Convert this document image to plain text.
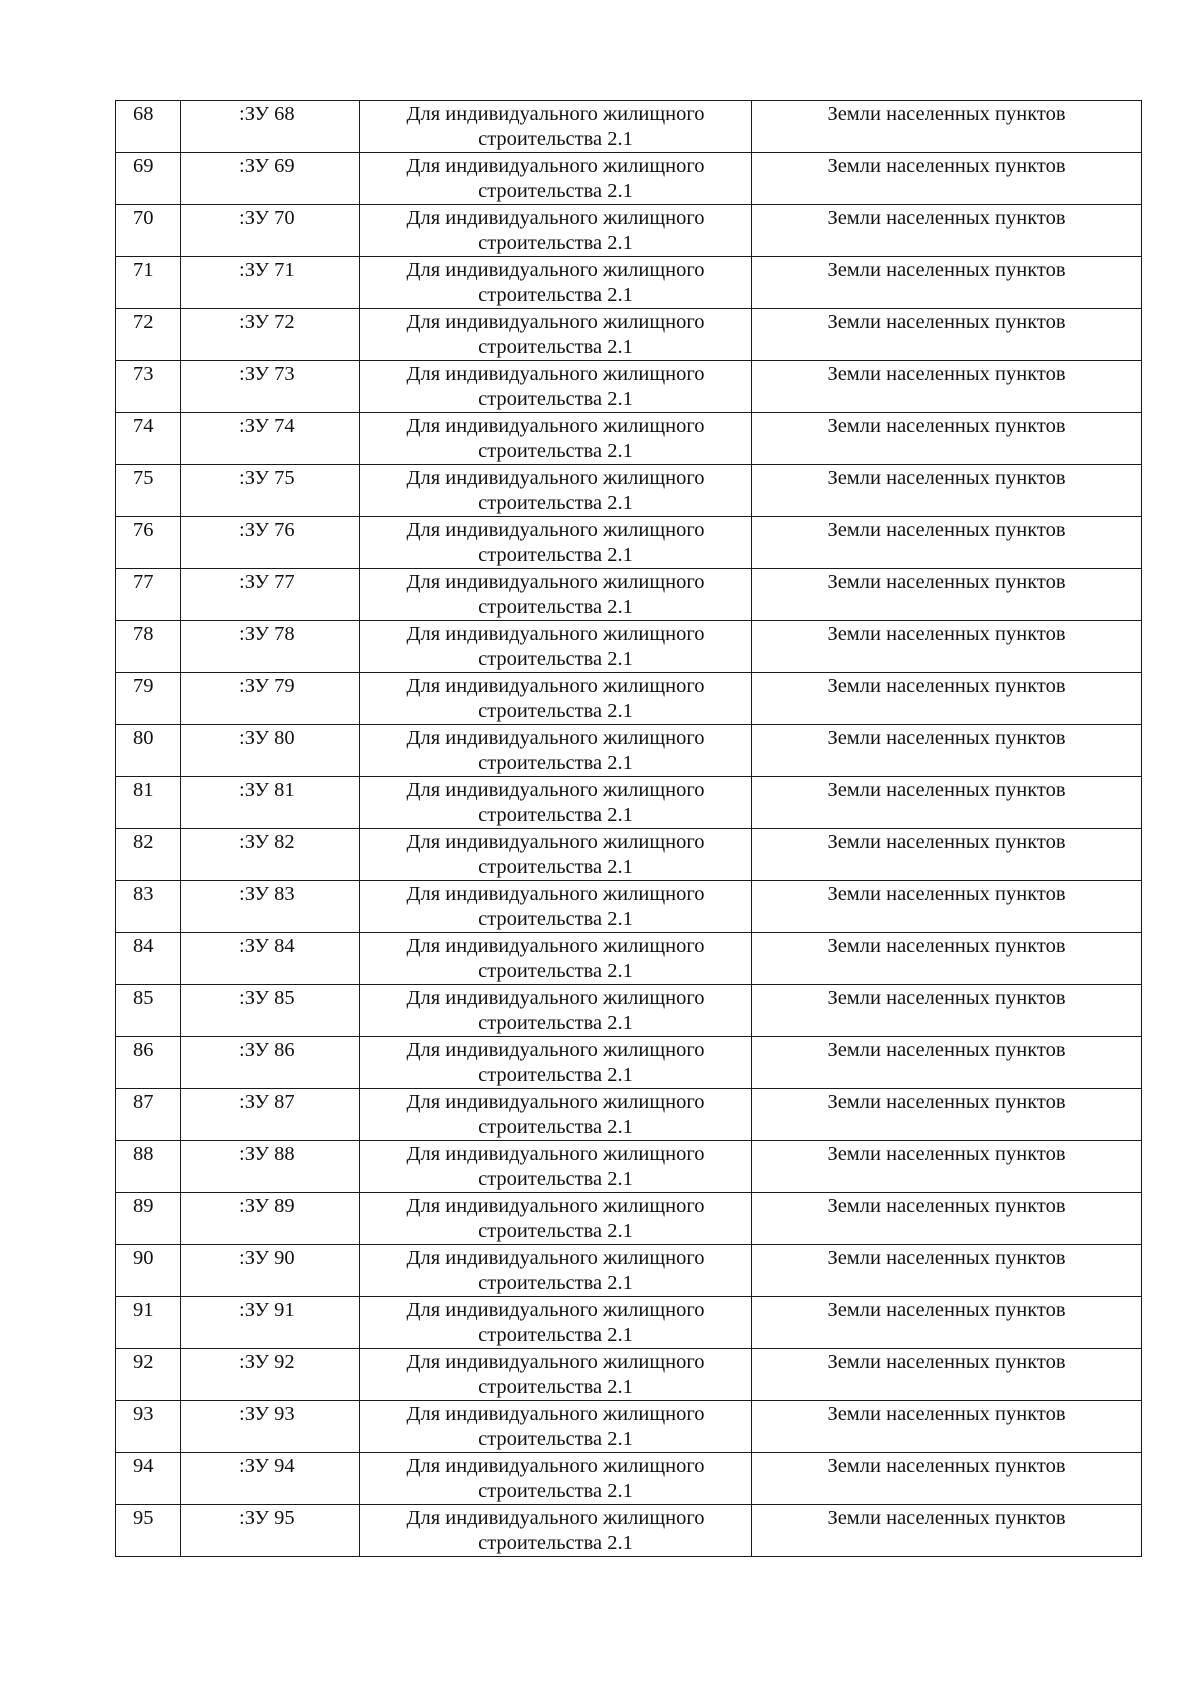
68	:ЗУ 68	Для индивидуального жилищного
строительства 2.1	Земли населенных пунктов

69	:ЗУ 69	Для индивидуального жилищного
строительства 2.1	Земли населенных пунктов

70	:ЗУ 70	Для индивидуального жилищного
строительства 2.1	Земли населенных пунктов

71	:ЗУ 71	Для индивидуального жилищного
строительства 2.1	Земли населенных пунктов

72	:ЗУ 72	Для индивидуального жилищного
строительства 2.1	Земли населенных пунктов

73	:ЗУ 73	Для индивидуального жилищного
строительства 2.1	Земли населенных пунктов

74	:ЗУ 74	Для индивидуального жилищного
строительства 2.1	Земли населенных пунктов

75	:ЗУ 75	Для индивидуального жилищного
строительства 2.1	Земли населенных пунктов

76	:ЗУ 76	Для индивидуального жилищного
строительства 2.1	Земли населенных пунктов

77	:ЗУ 77	Для индивидуального жилищного
строительства 2.1	Земли населенных пунктов

78	:ЗУ 78	Для индивидуального жилищного
строительства 2.1	Земли населенных пунктов

79	:ЗУ 79	Для индивидуального жилищного
строительства 2.1	Земли населенных пунктов

80	:ЗУ 80	Для индивидуального жилищного
строительства 2.1	Земли населенных пунктов

81	:ЗУ 81	Для индивидуального жилищного
строительства 2.1	Земли населенных пунктов

82	:ЗУ 82	Для индивидуального жилищного
строительства 2.1	Земли населенных пунктов

83	:ЗУ 83	Для индивидуального жилищного
строительства 2.1	Земли населенных пунктов

84	:ЗУ 84	Для индивидуального жилищного
строительства 2.1	Земли населенных пунктов

85	:ЗУ 85	Для индивидуального жилищного
строительства 2.1	Земли населенных пунктов

86	:ЗУ 86	Для индивидуального жилищного
строительства 2.1	Земли населенных пунктов

87	:ЗУ 87	Для индивидуального жилищного
строительства 2.1	Земли населенных пунктов

88	:ЗУ 88	Для индивидуального жилищного
строительства 2.1	Земли населенных пунктов

89	:ЗУ 89	Для индивидуального жилищного
строительства 2.1	Земли населенных пунктов

90	:ЗУ 90	Для индивидуального жилищного
строительства 2.1	Земли населенных пунктов

91	:ЗУ 91	Для индивидуального жилищного
строительства 2.1	Земли населенных пунктов

92	:ЗУ 92	Для индивидуального жилищного
строительства 2.1	Земли населенных пунктов

93	:ЗУ 93	Для индивидуального жилищного
строительства 2.1	Земли населенных пунктов

94	:ЗУ 94	Для индивидуального жилищного
строительства 2.1	Земли населенных пунктов

95	:ЗУ 95	Для индивидуального жилищного
строительства 2.1	Земли населенных пунктов
